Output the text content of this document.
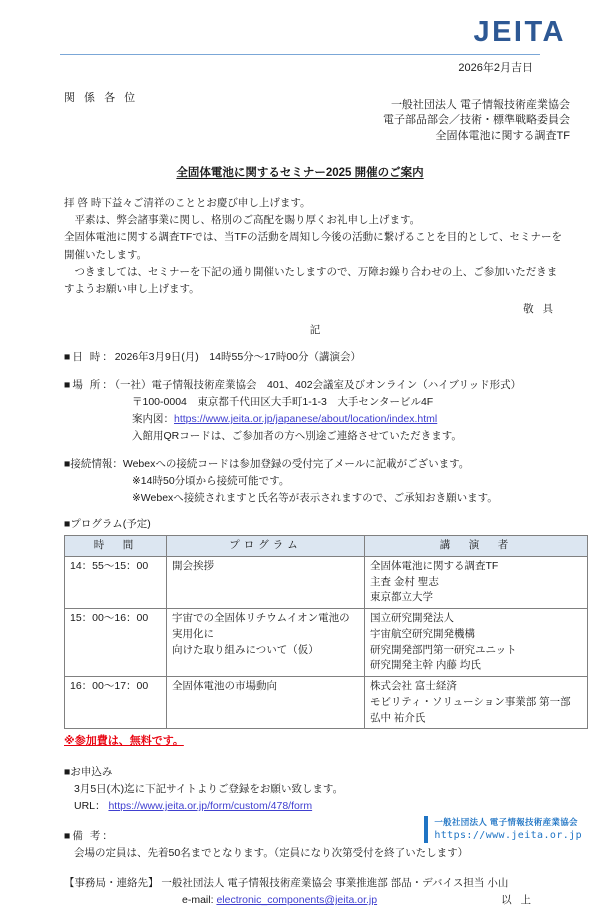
JEITA
2026年2月吉日
関 係 各 位
一般社団法人 電子情報技術産業協会
電子部品部会／技術・標準戦略委員会
全固体電池に関する調査TF
全固体電池に関するセミナー2025 開催のご案内
拝 啓 時下益々ご清祥のこととお慶び申し上げます。
平素は、弊会諸事業に関し、格別のご高配を賜り厚くお礼申し上げます。
全固体電池に関する調査TFでは、当TFの活動を周知し今後の活動に繋げることを目的として、セミナーを開催いたします。
つきましては、セミナーを下記の通り開催いたしますので、万障お繰り合わせの上、ご参加いただきますようお願い申し上げます。
敬 具
記
■日 時：2026年3月9日(月)　14時55分～17時00分（講演会）
■場 所：（一社）電子情報技術産業協会　401、402会議室及びオンライン（ハイブリッド形式）
〒100-0004　東京都千代田区大手町1-1-3　大手センタービル4F
案内図：https://www.jeita.or.jp/japanese/about/location/index.html
入館用QRコードは、ご参加者の方へ別途ご連絡させていただきます。
■接続情報：Webexへの接続コードは参加登録の受付完了メールに記載がございます。
※14時50分頃から接続可能です。
※Webexへ接続されますと氏名等が表示されますので、ご承知おき願います。
■プログラム(予定)
時　間	プログラム	講　演　者
14：55～15：00	開会挨拶	全固体電池に関する調査TF
主査 金村 聖志
東京都立大学

15：00～16：00	宇宙での全固体リチウムイオン電池の実用化に
向けた取り組みについて（仮）	国立研究開発法人
宇宙航空研究開発機構
研究開発部門第一研究ユニット
研究開発主幹 内藤 均氏

16：00～17：00	全固体電池の市場動向	株式会社 富士経済
モビリティ・ソリューション事業部 第一部
弘中 祐介氏
※参加費は、無料です。
■お申込み
3月5日(木)迄に下記サイトよりご登録をお願い致します。
URL： https://www.jeita.or.jp/form/custom/478/form
■備 考：
会場の定員は、先着50名までとなります。（定員になり次第受付を終了いたします）
【事務局・連絡先】 一般社団法人 電子情報技術産業協会 事業推進部 部品・デバイス担当 小山
e-mail: electronic_components@jeita.or.jp	以 上
一般社団法人 電子情報技術産業協会
https://www.jeita.or.jp
